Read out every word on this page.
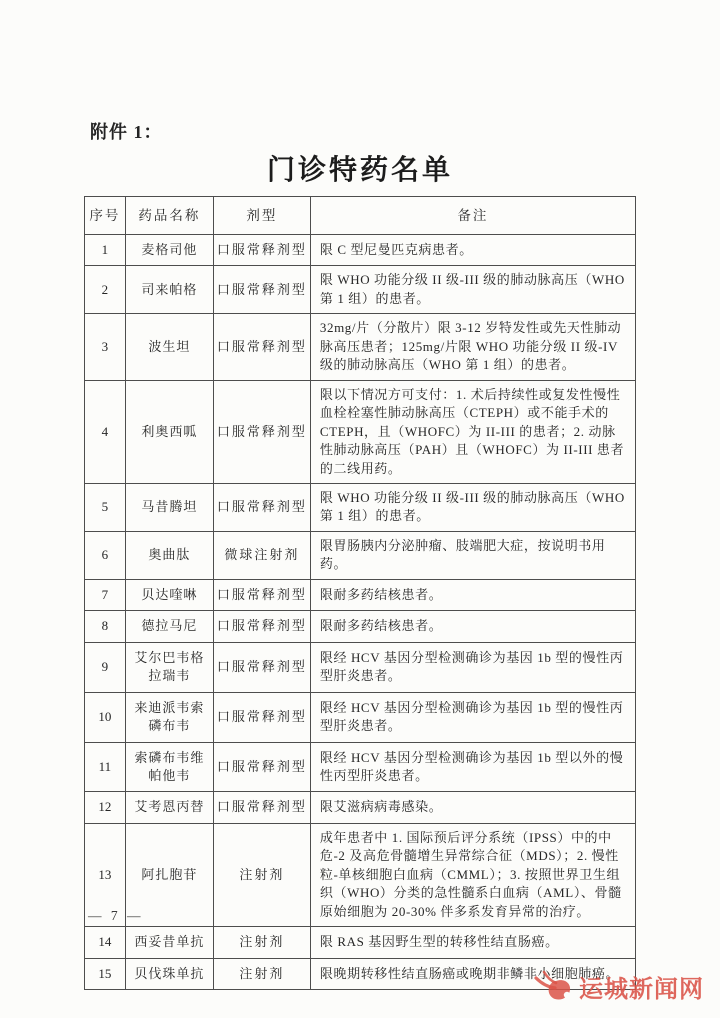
附件 1：
门诊特药名单
序号	药品名称	剂型	备注
1	麦格司他	口服常释剂型	限 C 型尼曼匹克病患者。
2	司来帕格	口服常释剂型	限 WHO 功能分级 II 级-III 级的肺动脉高压（WHO 第 1 组）的患者。
3	波生坦	口服常释剂型	32mg/片（分散片）限 3-12 岁特发性或先天性肺动脉高压患者；125mg/片限 WHO 功能分级 II 级-IV 级的肺动脉高压（WHO 第 1 组）的患者。
4	利奥西呱	口服常释剂型	限以下情况方可支付：1. 术后持续性或复发性慢性血栓栓塞性肺动脉高压（CTEPH）或不能手术的 CTEPH，且（WHOFC）为 II-III 的患者；2. 动脉性肺动脉高压（PAH）且（WHOFC）为 II-III 患者的二线用药。
5	马昔腾坦	口服常释剂型	限 WHO 功能分级 II 级-III 级的肺动脉高压（WHO 第 1 组）的患者。
6	奥曲肽	微球注射剂	限胃肠胰内分泌肿瘤、肢端肥大症，按说明书用药。
7	贝达喹啉	口服常释剂型	限耐多药结核患者。
8	德拉马尼	口服常释剂型	限耐多药结核患者。
9	艾尔巴韦格拉瑞韦	口服常释剂型	限经 HCV 基因分型检测确诊为基因 1b 型的慢性丙型肝炎患者。
10	来迪派韦索磷布韦	口服常释剂型	限经 HCV 基因分型检测确诊为基因 1b 型的慢性丙型肝炎患者。
11	索磷布韦维帕他韦	口服常释剂型	限经 HCV 基因分型检测确诊为基因 1b 型以外的慢性丙型肝炎患者。
12	艾考恩丙替	口服常释剂型	限艾滋病病毒感染。
13	阿扎胞苷	注射剂	成年患者中 1. 国际预后评分系统（IPSS）中的中危-2 及高危骨髓增生异常综合征（MDS）；2. 慢性粒-单核细胞白血病（CMML）；3. 按照世界卫生组织（WHO）分类的急性髓系白血病（AML）、骨髓原始细胞为 20-30% 伴多系发育异常的治疗。
14	西妥昔单抗	注射剂	限 RAS 基因野生型的转移性结直肠癌。
15	贝伐珠单抗	注射剂	限晚期转移性结直肠癌或晚期非鳞非小细胞肺癌。
— 7 —
运城新闻网
